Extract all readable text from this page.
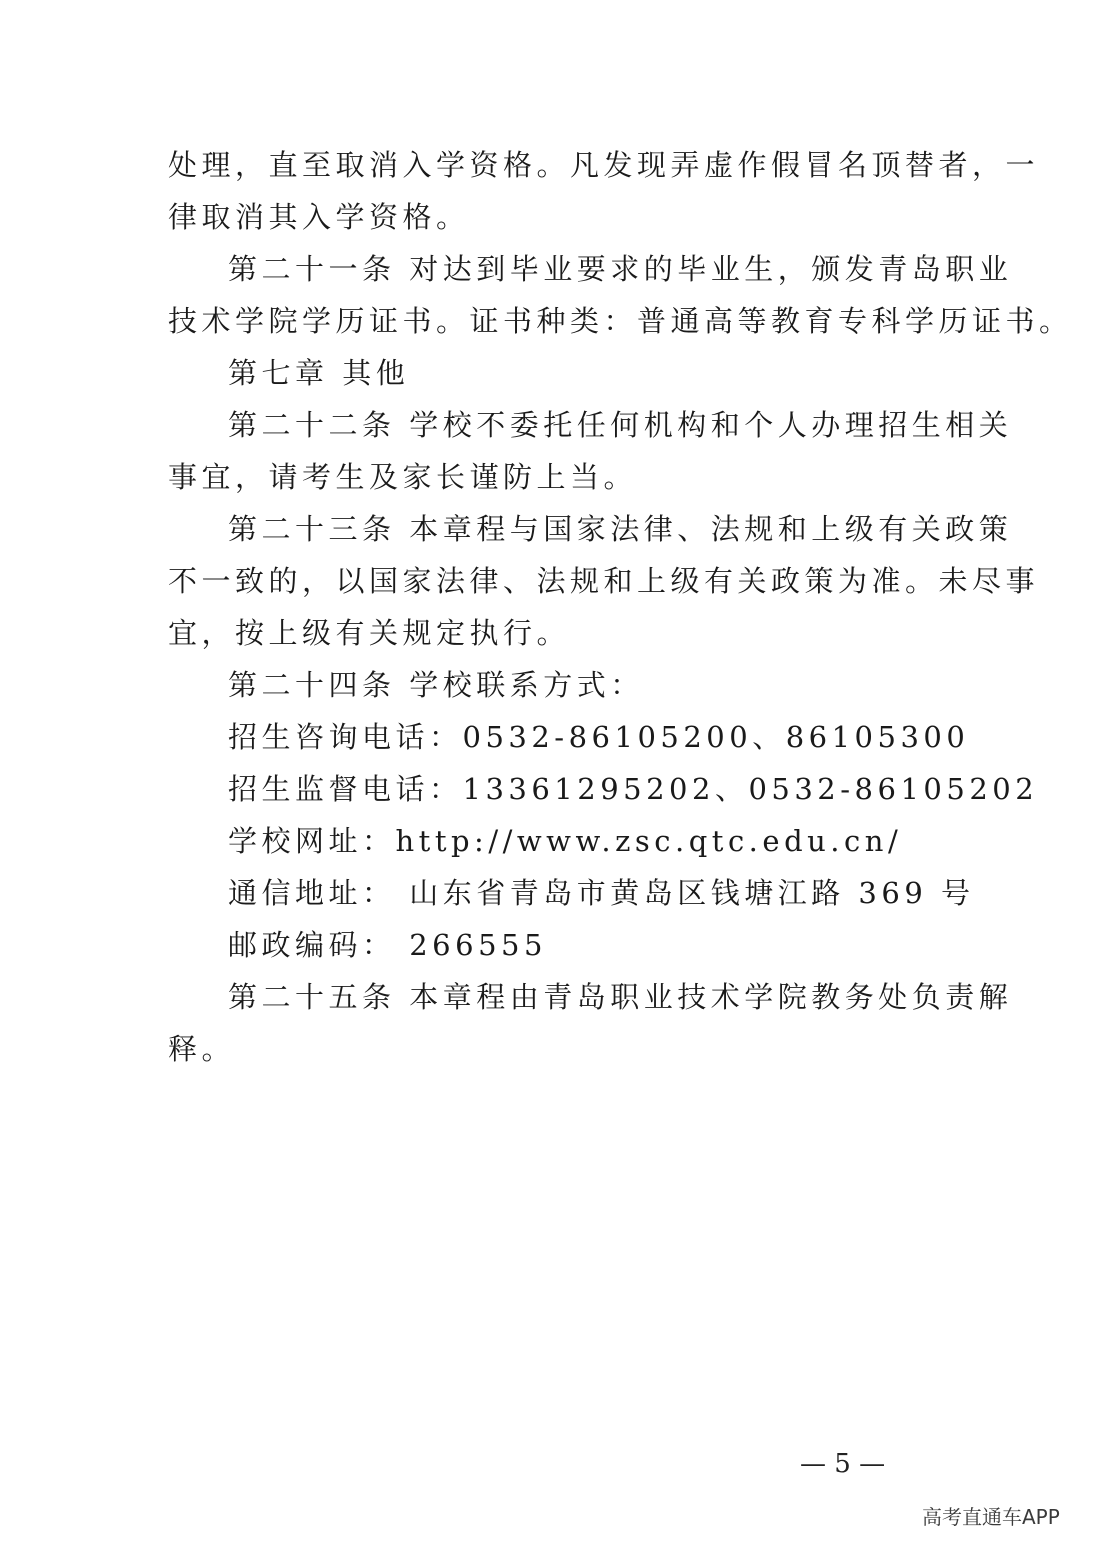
处理，直至取消入学资格。凡发现弄虚作假冒名顶替者，一
律取消其入学资格。
第二十一条 对达到毕业要求的毕业生，颁发青岛职业
技术学院学历证书。证书种类：普通高等教育专科学历证书。
第七章 其他
第二十二条 学校不委托任何机构和个人办理招生相关
事宜，请考生及家长谨防上当。
第二十三条 本章程与国家法律、法规和上级有关政策
不一致的，以国家法律、法规和上级有关政策为准。未尽事
宜，按上级有关规定执行。
第二十四条 学校联系方式：
招生咨询电话：0532-86105200、86105300
招生监督电话：13361295202、0532-86105202
学校网址：http://www.zsc.qtc.edu.cn/
通信地址： 山东省青岛市黄岛区钱塘江路 369 号
邮政编码： 266555
第二十五条 本章程由青岛职业技术学院教务处负责解
释。
— 5 —
高考直通车APP
